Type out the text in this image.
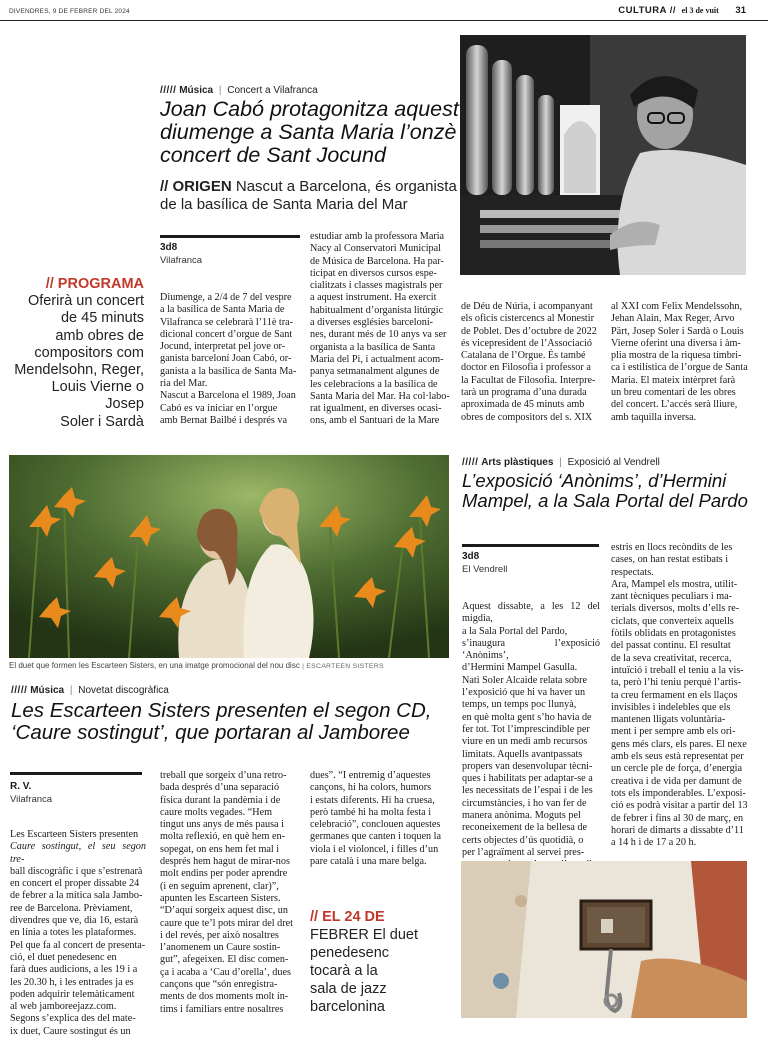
DIVENDRES, 9 DE FEBRER DEL 2024	CULTURA // el 3 de vuit 31
///// Música | Concert a Vilafranca
Joan Cabó protagonitza aquest
diumenge a Santa Maria l’onzè
concert de Sant Jocund
// ORIGEN Nascut a Barcelona, és organista
de la basílica de Santa Maria del Mar
3d8
Vilafranca
// PROGRAMA
Oferirà un concert
de 45 minuts
amb obres de
compositors com
Mendelsohn, Reger,
Louis Vierne o Josep
Soler i Sardà

Diumenge, a 2/4 de 7 del vespre

a la basílica de Santa Maria de

Vilafranca se celebrarà l’11è tra-

dicional concert d’orgue de Sant

Jocund, interpretat pel jove or-

ganista barceloní Joan Cabó, or-

ganista a la basílica de Santa Ma-

ria del Mar.

Nascut a Barcelona el 1989, Joan

Cabó es va iniciar en l’orgue

amb Bernat Bailbé i després va

estudiar amb la professora Maria

Nacy al Conservatori Municipal

de Música de Barcelona. Ha par-

ticipat en diversos cursos espe-

cialitzats i classes magistrals per

a aquest instrument. Ha exercit

habitualment d’organista litúrgic

a diverses esglésies barceloni-

nes, durant més de 10 anys va ser

organista a la basílica de Santa

Maria del Pi, i actualment acom-

panya setmanalment algunes de

les celebracions a la basílica de

Santa Maria del Mar. Ha col·labo-

rat igualment, en diverses ocasi-

ons, amb el Santuari de la Mare

de Déu de Núria, i acompanyant

els oficis cistercencs al Monestir

de Poblet. Des d’octubre de 2022

és vicepresident de l’Associació

Catalana de l’Orgue. És també

doctor en Filosofia i professor a

la Facultat de Filosofia. Interpre-

tarà un programa d’una durada

aproximada de 45 minuts amb

obres de compositors del s. XIX

al XXI com Felix Mendelssohn,

Jehan Alain, Max Reger, Arvo

Pärt, Josep Soler i Sardà o Louis

Vierne oferint una diversa i àm-

plia mostra de la riquesa tímbri-

ca i estilística de l’orgue de Santa

Maria. El mateix intèrpret farà

un breu comentari de les obres

del concert. L’accés serà lliure,

amb taquilla inversa.

El duet que formen les Escarteen Sisters, en una imatge promocional del nou disc | ESCARTEEN SISTERS
///// Arts plàstiques | Exposició al Vendrell
L’exposició ‘Anònims’, d’Hermini
Mampel, a la Sala Portal del Pardo
3d8
El Vendrell

Aquest dissabte, a les 12 del migdia,

a la Sala Portal del Pardo,

s’inaugura l’exposició ‘Anònims’,

d’Hermini Mampel Gasulla.

Nati Soler Alcaide relata sobre

l’exposició que hi va haver un

temps, un temps poc llunyà,

en què molta gent s’ho havia de

fer tot. Tot l’imprescindible per

viure en un medi amb recursos

limitats. Aquells avantpassats

propers van desenvolupar tècni-

ques i habilitats per adaptar-se a

les necessitats de l’espai i de les

circumstàncies, i ho van fer de

manera anònima. Moguts pel

reconeixement de la bellesa de

certs objectes d’ús quotidià, o

per l’agraïment al servei pres-

estris en llocs recòndits de les

cases, on han restat estibats i

respectats.

Ara, Mampel els mostra, utilit-

zant tècniques peculiars i ma-

terials diversos, molts d’ells re-

ciclats, que converteix aquells

fòtils oblidats en protagonistes

del passat continu. El resultat

de la seva creativitat, recerca,

intuïció i treball el teniu a la vis-

ta, però l’hi teniu perquè l’artis-

ta creu fermament en els llaços

invisibles i indelebles que els

mantenen lligats voluntària-

ment i per sempre amb els ori-

gens més clars, els pares. El nexe

amb els seus està representat per

un cercle ple de força, d’energia

creativa i de vida per damunt de

tots els imponderables. L’exposi-

ció es podrà visitar a partir del 13

de febrer i fins al 30 de març, en

horari de dimarts a dissabte d’11

a 14 h i de 17 a 20 h.

///// Música | Novetat discogràfica
Les Escarteen Sisters presenten el segon CD,
‘Caure sostingut’, que portaran al Jamboree
R. V.
Vilafranca

Les Escarteen Sisters presenten

Caure sostingut, el seu segon tre-

ball discogràfic i que s’estrenarà

en concert el proper dissabte 24

de febrer a la mítica sala Jambo-

ree de Barcelona. Prèviament,

divendres que ve, dia 16, estarà

en línia a totes les plataformes.

Pel que fa al concert de presenta-

ció, el duet penedesenc en

farà dues audicions, a les 19 i a

les 20.30 h, i les entrades ja es

poden adquirir telemàticament

al web jamboreejazz.com.

Segons s’explica des del mate-

ix duet, Caure sostingut és un

treball que sorgeix d’una retro-

bada després d’una separació

física durant la pandèmia i de

caure molts vegades. “Hem

tingut uns anys de més pausa i

molta reflexió, en què hem en-

sopegat, on ens hem fet mal i

després hem hagut de mirar-nos

molt endins per poder aprendre

(i en seguim aprenent, clar)”,

apunten les Escarteen Sisters.

“D’aquí sorgeix aquest disc, un

caure que te’l pots mirar del dret

i del revés, per això nosaltres

l’anomenem un Caure sostin-

gut”, afegeixen. El disc comen-

ça i acaba a ‘Cau d’orella’, dues

cançons que “són enregistra-

ments de dos moments molt ín-

tims i familiars entre nosaltres

dues”. “I entremig d’aquestes

cançons, hi ha colors, humors

i estats diferents. Hi ha cruesa,

però també hi ha molta festa i

celebració”, conclouen aquestes

germanes que canten i toquen la

viola i el violoncel, i filles d’un

pare català i una mare belga.

// EL 24 DE
FEBRER El duet
penedesenc
tocarà a la
sala de jazz
barcelonina
